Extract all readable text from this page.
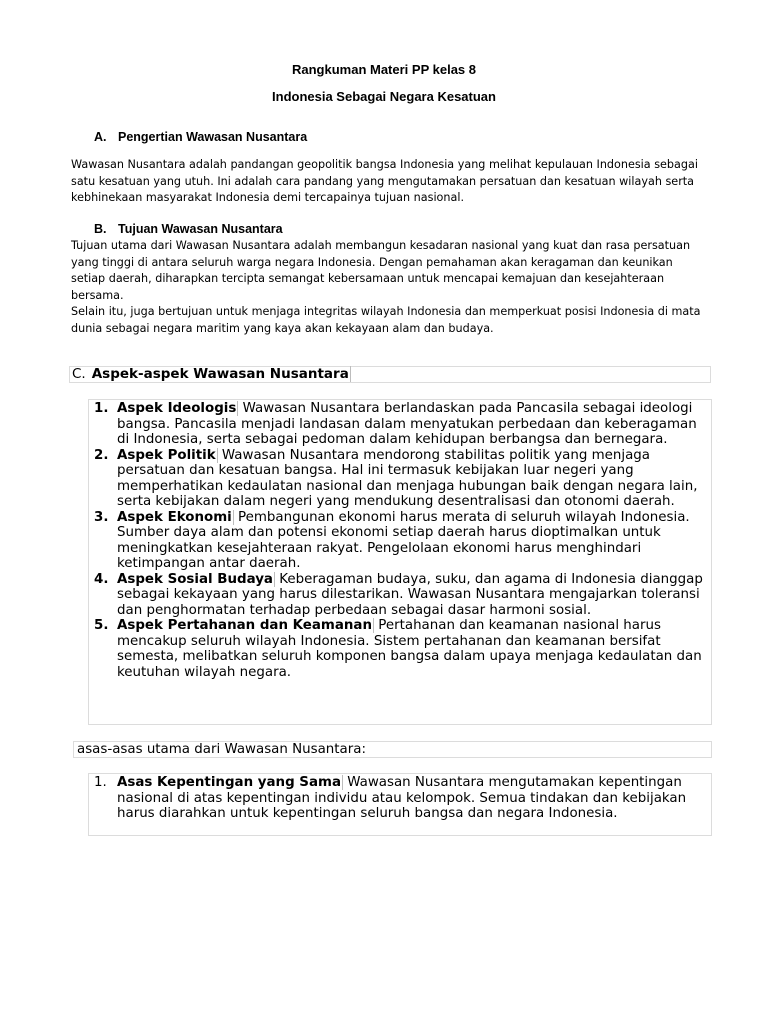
Rangkuman Materi PP kelas 8
Indonesia Sebagai Negara Kesatuan
A. Pengertian Wawasan Nusantara
Wawasan Nusantara adalah pandangan geopolitik bangsa Indonesia yang melihat kepulauan Indonesia sebagai satu kesatuan yang utuh. Ini adalah cara pandang yang mengutamakan persatuan dan kesatuan wilayah serta kebhinekaan masyarakat Indonesia demi tercapainya tujuan nasional.
B. Tujuan Wawasan Nusantara

Tujuan utama dari Wawasan Nusantara adalah membangun kesadaran nasional yang kuat dan rasa persatuan yang tinggi di antara seluruh warga negara Indonesia. Dengan pemahaman akan keragaman dan keunikan setiap daerah, diharapkan tercipta semangat kebersamaan untuk mencapai kemajuan dan kesejahteraan bersama.

Selain itu, juga bertujuan untuk menjaga integritas wilayah Indonesia dan memperkuat posisi Indonesia di mata dunia sebagai negara maritim yang kaya akan kekayaan alam dan budaya.

C. Aspek-aspek Wawasan Nusantara
1. Aspek Ideologis Wawasan Nusantara berlandaskan pada Pancasila sebagai ideologi bangsa. Pancasila menjadi landasan dalam menyatukan perbedaan dan keberagaman di Indonesia, serta sebagai pedoman dalam kehidupan berbangsa dan bernegara.
2. Aspek Politik Wawasan Nusantara mendorong stabilitas politik yang menjaga persatuan dan kesatuan bangsa. Hal ini termasuk kebijakan luar negeri yang memperhatikan kedaulatan nasional dan menjaga hubungan baik dengan negara lain, serta kebijakan dalam negeri yang mendukung desentralisasi dan otonomi daerah.
3. Aspek Ekonomi Pembangunan ekonomi harus merata di seluruh wilayah Indonesia. Sumber daya alam dan potensi ekonomi setiap daerah harus dioptimalkan untuk meningkatkan kesejahteraan rakyat. Pengelolaan ekonomi harus menghindari ketimpangan antar daerah.
4. Aspek Sosial Budaya Keberagaman budaya, suku, dan agama di Indonesia dianggap sebagai kekayaan yang harus dilestarikan. Wawasan Nusantara mengajarkan toleransi dan penghormatan terhadap perbedaan sebagai dasar harmoni sosial.
5. Aspek Pertahanan dan Keamanan Pertahanan dan keamanan nasional harus mencakup seluruh wilayah Indonesia. Sistem pertahanan dan keamanan bersifat semesta, melibatkan seluruh komponen bangsa dalam upaya menjaga kedaulatan dan keutuhan wilayah negara.
asas-asas utama dari Wawasan Nusantara:
1. Asas Kepentingan yang Sama Wawasan Nusantara mengutamakan kepentingan nasional di atas kepentingan individu atau kelompok. Semua tindakan dan kebijakan harus diarahkan untuk kepentingan seluruh bangsa dan negara Indonesia.
